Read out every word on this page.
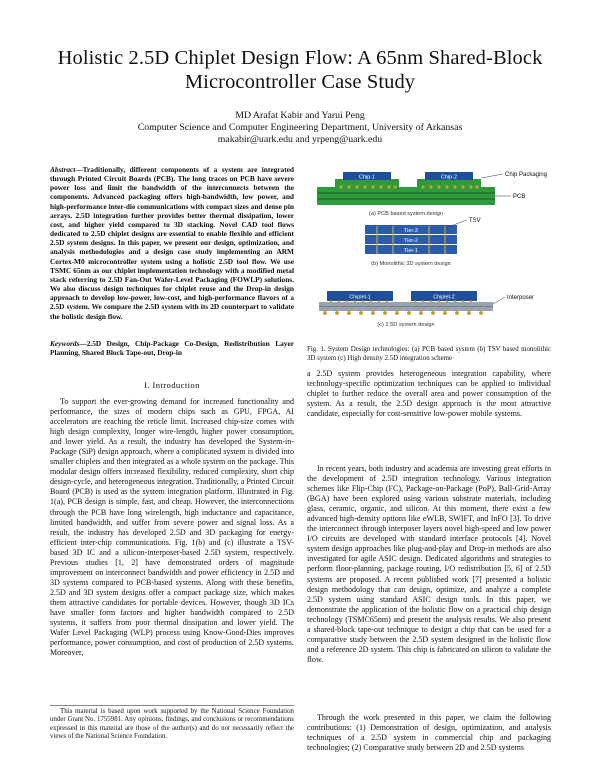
Holistic 2.5D Chiplet Design Flow: A 65nm Shared-Block Microcontroller Case Study
MD Arafat Kabir and Yarui Peng
Computer Science and Computer Engineering Department, University of Arkansas
makabir@uark.edu and yrpeng@uark.edu
Abstract—Traditionally, different components of a system are integrated through Printed Circuit Boards (PCB). The long traces on PCB have severe power loss and limit the bandwidth of the interconnects between the components. Advanced packaging offers high-bandwidth, low power, and high-performance inter-die communications with compact sizes and dense pin arrays. 2.5D integration further provides better thermal dissipation, lower cost, and higher yield compared to 3D stacking. Novel CAD tool flows dedicated to 2.5D chiplet designs are essential to enable flexible and efficient 2.5D system designs. In this paper, we present our design, optimization, and analysis methodologies and a design case study implementing an ARM Cortex-M0 microcontroller system using a holistic 2.5D tool flow. We use TSMC 65nm as our chiplet implementation technology with a modified metal stack referring to 2.5D Fan-Out Wafer-Level Packaging (FOWLP) solutions. We also discuss design techniques for chiplet reuse and the Drop-in design approach to develop low-power, low-cost, and high-performance flavors of a 2.5D system. We compare the 2.5D system with its 2D counterpart to validate the holistic design flow.
Keywords—2.5D Design, Chip-Package Co-Design, Redistribution Layer Planning, Shared Block Tape-out, Drop-in
I. Introduction
To support the ever-growing demand for increased functionality and performance, the sizes of modern chips such as GPU, FPGA, AI accelerators are reaching the reticle limit. Increased chip-size comes with high design complexity, longer wire-length, higher power consumption, and lower yield. As a result, the industry has developed the System-in-Package (SiP) design approach, where a complicated system is divided into smaller chiplets and then integrated as a whole system on the package. This modular design offers increased flexibility, reduced complexity, short chip design-cycle, and heterogeneous integration. Traditionally, a Printed Circuit Board (PCB) is used as the system integration platform. Illustrated in Fig. 1(a), PCB design is simple, fast, and cheap. However, the interconnections through the PCB have long wirelength, high inductance and capacitance, limited bandwidth, and suffer from severe power and signal loss. As a result, the industry has developed 2.5D and 3D packaging for energy-efficient inter-chip communications. Fig. 1(b) and (c) illustrate a TSV-based 3D IC and a silicon-interposer-based 2.5D system, respectively. Previous studies [1, 2] have demonstrated orders of magnitude improvement on interconnect bandwidth and power efficiency in 2.5D and 3D systems compared to PCB-based systems. Along with these benefits, 2.5D and 3D system designs offer a compact package size, which makes them attractive candidates for portable devices. However, though 3D ICs have smaller form factors and higher bandwidth compared to 2.5D systems, it suffers from poor thermal dissipation and lower yield. The Wafer Level Packaging (WLP) process using Know-Good-Dies improves performance, power consumption, and cost of production of 2.5D systems. Moreover,
This material is based upon work supported by the National Science Foundation under Grant No. 1755981. Any opinions, findings, and conclusions or recommendations expressed in this material are those of the author(s) and do not necessarily reflect the views of the National Science Foundation.
Chip-1	Chip-2	Chip Packaging
PCB
(a) PCB based system design
Tier-3
Tier-2
Tier-1
TSV
(b) Monolithic 3D system design
Chiplet-1	Chiplet-2	Interposer
(c) 2.5D system design
Fig. 1. System Design technologies: (a) PCB based system (b) TSV based monolithic 3D system (c) High density 2.5D integration scheme
a 2.5D system provides heterogeneous integration capability, where technology-specific optimization techniques can be applied to individual chiplet to further reduce the overall area and power consumption of the system. As a result, the 2.5D design approach is the most attractive candidate, especially for cost-sensitive low-power mobile systems.
In recent years, both industry and academia are investing great efforts in the development of 2.5D integration technology. Various integration schemes like Flip-Chip (FC), Package-on-Package (PoP), Ball-Grid-Array (BGA) have been explored using various substrate materials, including glass, ceramic, organic, and silicon. At this moment, there exist a few advanced high-density options like eWLB, SWIFT, and InFO [3]. To drive the interconnect through interposer layers novel high-speed and low power I/O circuits are developed with standard interface protocols [4]. Novel system design approaches like plug-and-play and Drop-in methods are also investigated for agile ASIC design. Dedicated algorithms and strategies to perform floor-planning, package routing, I/O redistribution [5, 6] of 2.5D systems are proposed. A recent published work [7] presented a holistic design methodology that can design, optimize, and analyze a complete 2.5D system using standard ASIC design tools. In this paper, we demonstrate the application of the holistic flow on a practical chip design technology (TSMC65nm) and present the analysis results. We also present a shared-block tape-out technique to design a chip that can be used for a comparative study between the 2.5D system designed in the holistic flow and a reference 2D system. This chip is fabricated on silicon to validate the flow.
Through the work presented in this paper, we claim the following contributions: (1) Demonstration of design, optimization, and analysis techniques of a 2.5D system in commercial chip and packaging technologies; (2) Comparative study between 2D and 2.5D systems
